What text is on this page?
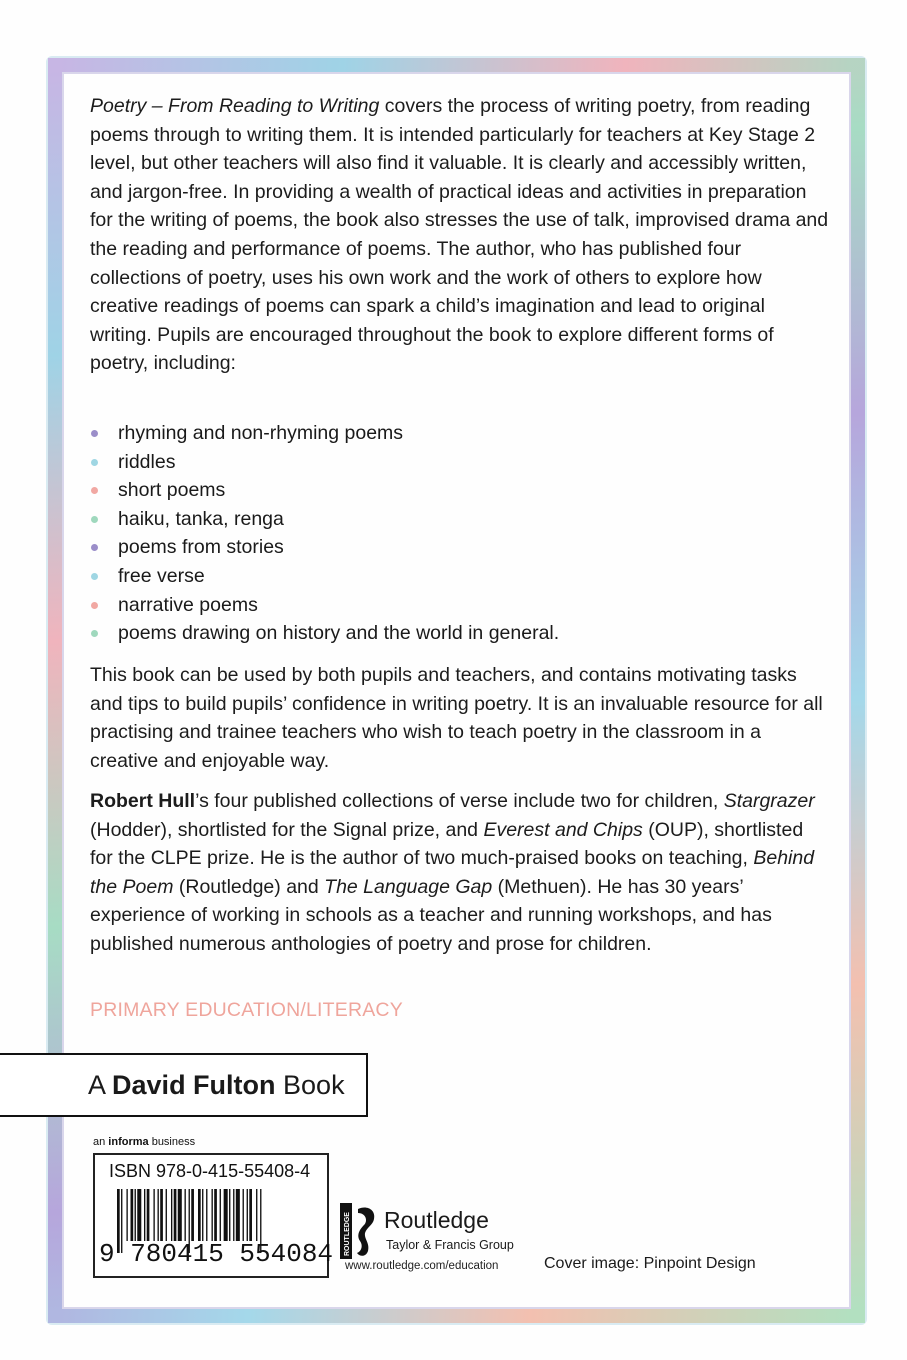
Poetry – From Reading to Writing covers the process of writing poetry, from reading poems through to writing them. It is intended particularly for teachers at Key Stage 2 level, but other teachers will also find it valuable. It is clearly and accessibly written, and jargon-free. In providing a wealth of practical ideas and activities in preparation for the writing of poems, the book also stresses the use of talk, improvised drama and the reading and performance of poems. The author, who has published four collections of poetry, uses his own work and the work of others to explore how creative readings of poems can spark a child’s imagination and lead to original writing. Pupils are encouraged throughout the book to explore different forms of poetry, including:
rhyming and non-rhyming poems
riddles
short poems
haiku, tanka, renga
poems from stories
free verse
narrative poems
poems drawing on history and the world in general.
This book can be used by both pupils and teachers, and contains motivating tasks and tips to build pupils’ confidence in writing poetry. It is an invaluable resource for all practising and trainee teachers who wish to teach poetry in the classroom in a creative and enjoyable way.
Robert Hull’s four published collections of verse include two for children, Stargrazer (Hodder), shortlisted for the Signal prize, and Everest and Chips (OUP), shortlisted for the CLPE prize. He is the author of two much-praised books on teaching, Behind the Poem (Routledge) and The Language Gap (Methuen). He has 30 years’ experience of working in schools as a teacher and running workshops, and has published numerous anthologies of poetry and prose for children.
PRIMARY EDUCATION/LITERACY
A David Fulton Book
an informa business
ISBN 978-0-415-55408-4
9 780415 554084 ROUTLEDGE Routledge
Taylor & Francis Group
www.routledge.com/education	Cover image: Pinpoint Design
